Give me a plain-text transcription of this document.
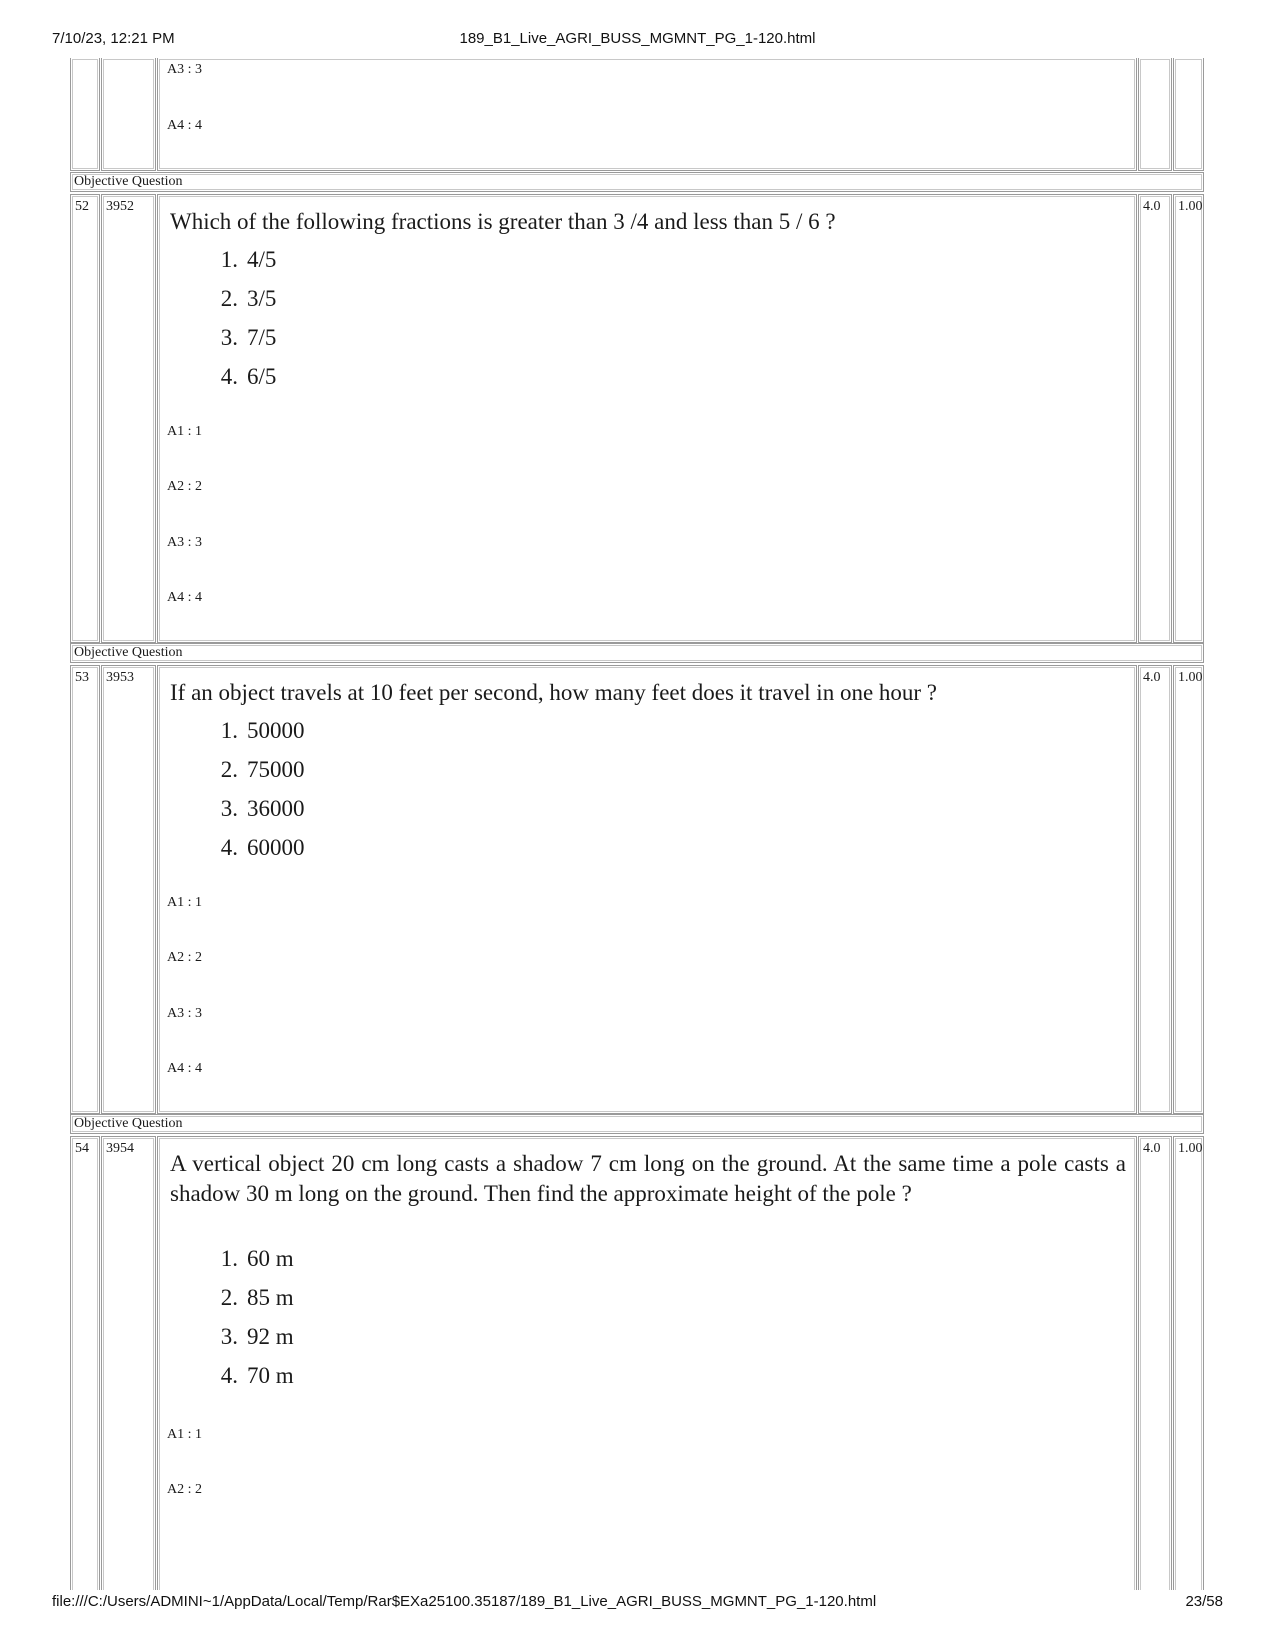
7/10/23, 12:21 PM	189_B1_Live_AGRI_BUSS_MGMNT_PG_1-120.html
A3 : 3
A4 : 4
Objective Question
52 3952
Which of the following fractions is greater than 3 /4 and less than 5 / 6 ?
1. 4/5
2. 3/5
3. 7/5
4. 6/5
A1 : 1
A2 : 2
A3 : 3
A4 : 4
4.0 1.00
Objective Question
53 3953
If an object travels at 10 feet per second, how many feet does it travel in one hour ?
1. 50000
2. 75000
3. 36000
4. 60000
A1 : 1
A2 : 2
A3 : 3
A4 : 4
4.0 1.00
Objective Question
54 3954
A vertical object 20 cm long casts a shadow 7 cm long on the ground. At the same time a pole casts a shadow 30 m long on the ground. Then find the approximate height of the pole ?
1. 60 m
2. 85 m
3. 92 m
4. 70 m
A1 : 1
A2 : 2
4.0 1.00
file:///C:/Users/ADMINI~1/AppData/Local/Temp/Rar$EXa25100.35187/189_B1_Live_AGRI_BUSS_MGMNT_PG_1-120.html	23/58
